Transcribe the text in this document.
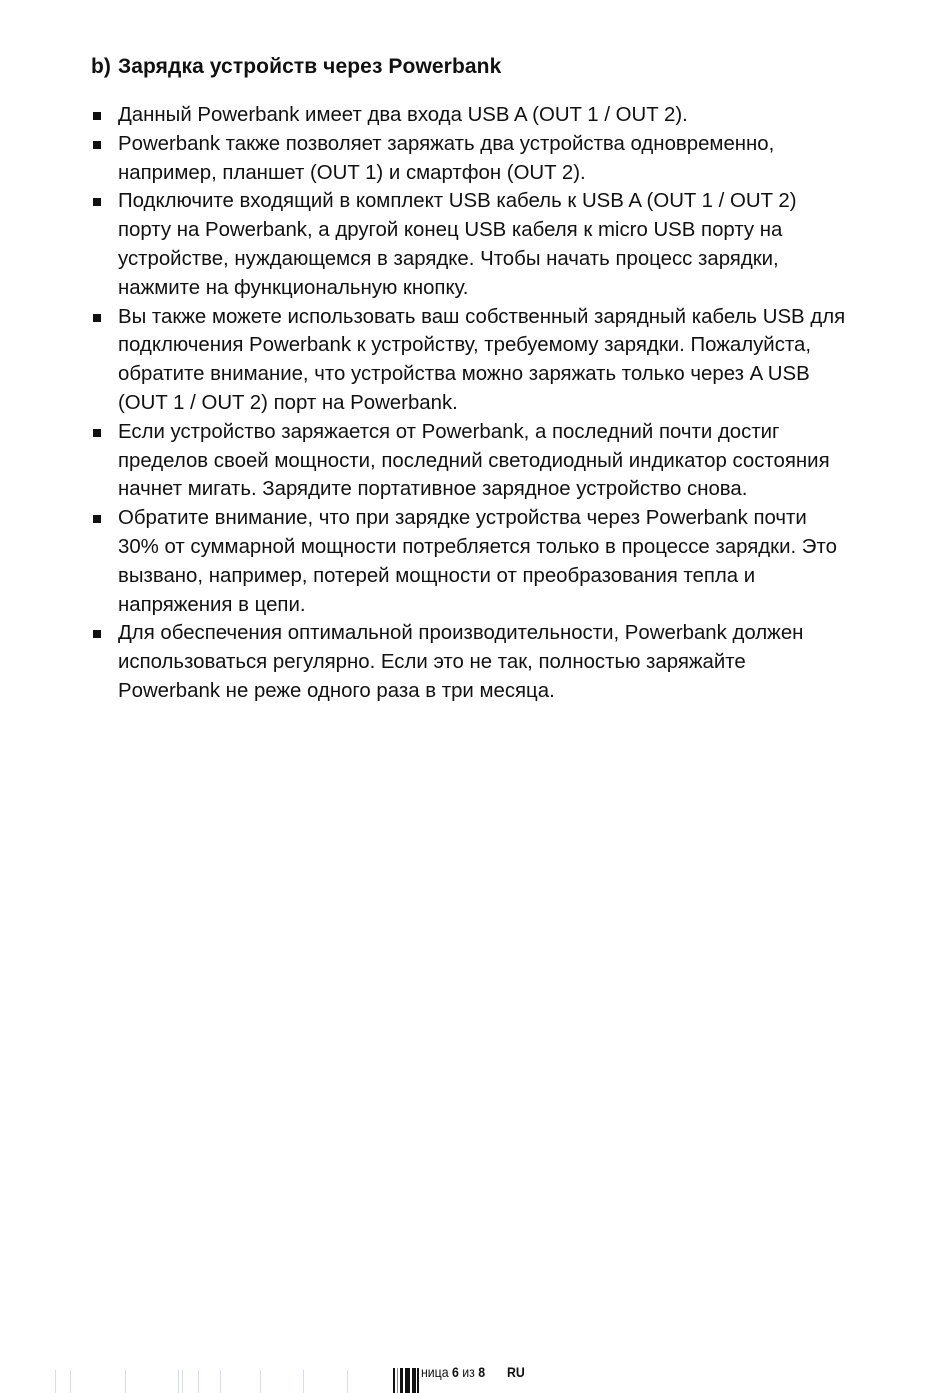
b) Зарядка устройств через Powerbank
Данный Powerbank имеет два входа USB A (OUT 1 / OUT 2).
Powerbank также позволяет заряжать два устройства одновременно, например, планшет (OUT 1) и смартфон (OUT 2).
Подключите входящий в комплект USB кабель к USB A (OUT 1 / OUT 2) порту на Powerbank, а другой конец USB кабеля к micro USB порту на устройстве, нуждающемся в зарядке. Чтобы начать процесс зарядки, нажмите на функциональную кнопку.
Вы также можете использовать ваш собственный зарядный кабель USB для подключения Powerbank к устройству, требуемому зарядки. Пожалуйста, обратите внимание, что устройства можно заряжать только через A USB (OUT 1 / OUT 2) порт на Powerbank.
Если устройство заряжается от Powerbank, а последний почти достиг пределов своей мощности, последний светодиодный индикатор состояния начнет мигать. Зарядите портативное зарядное устройство снова.
Обратите внимание, что при зарядке устройства через Powerbank почти 30% от суммарной мощности потребляется только в процессе зарядки. Это вызвано, например, потерей мощности от преобразования тепла и напряжения в цепи.
Для обеспечения оптимальной производительности, Powerbank должен использоваться регулярно. Если это не так, полностью заряжайте Powerbank не реже одного раза в три месяца.
ница 6 из 8 RU
